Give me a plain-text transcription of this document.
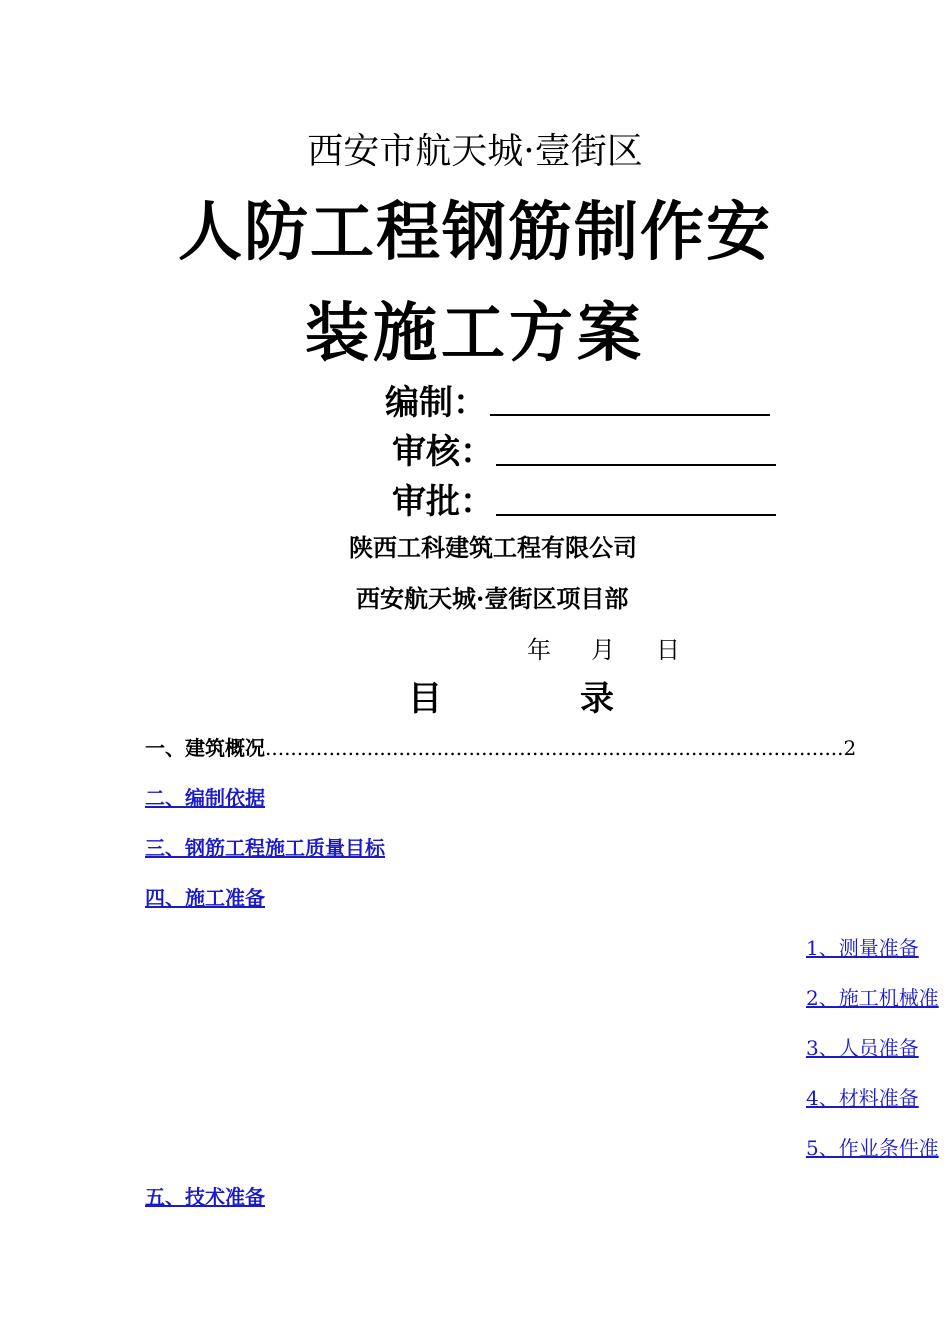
西安市航天城·壹街区
人防工程钢筋制作安
装施工方案
编制：
审核：
审批：
陕西工科建筑工程有限公司
西安航天城·壹街区项目部
年 月 日
目	录
一、建筑概况...........................................................................................2
二、编制依据
三、钢筋工程施工质量目标
四、施工准备
1、测量准备
2、施工机械准
3、人员准备
4、材料准备
5、作业条件准
五、技术准备
